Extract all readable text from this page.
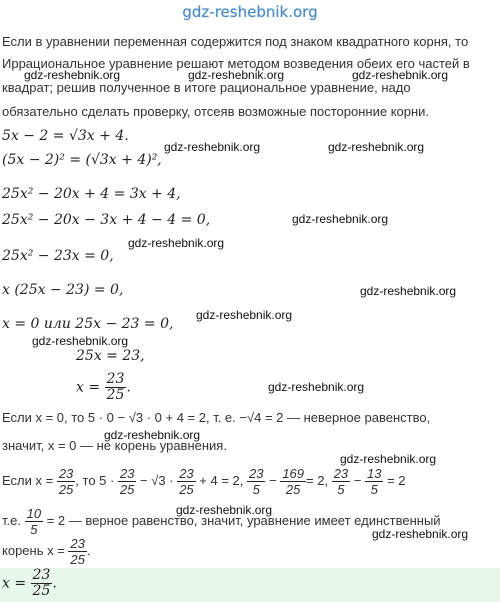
gdz-reshebnik.org
Если в уравнении переменная содержится под знаком квадратного корня, то
Иррациональное уравнение решают методом возведения обеих его частей в
квадрат; решив полученное в итоге рациональное уравнение, надо
обязательно сделать проверку, отсеяв возможные посторонние корни.
5x − 2 = √3x + 4.
(5x − 2)² = (√3x + 4)²,
25x² − 20x + 4 = 3x + 4,
25x² − 20x − 3x + 4 − 4 = 0,
25x² − 23x = 0,
x (25x − 23) = 0,
x = 0 или 25x − 23 = 0,
25x = 23,
$x = \frac{23}{25}$ .
Если x = 0, то 5 · 0 − √3 · 0 + 4 = 2, т. е. −√4 = 2 — неверное равенство,
значит, x = 0 — не корень уравнения.
Если $x = \frac{23}{25}$ , то $5 \cdot \frac{23}{25} - √3 \cdot \frac{23}{25} + 4 = 2$, $\frac{23}{5} - \frac{169}{25} = 2$, $\frac{23}{5} - \frac{13}{5} = 2$
т.е. $\frac{10}{5} = 2$ — верное равенство, значит, уравнение имеет единственный
корень $x = \frac{23}{25}$ .
$x = \frac{23}{25}$ .
gdz-reshebnik.org	gdz-reshebnik.org	gdz-reshebnik.org
gdz-reshebnik.org	gdz-reshebnik.org
gdz-reshebnik.org
gdz-reshebnik.org
gdz-reshebnik.org
gdz-reshebnik.org
gdz-reshebnik.org
gdz-reshebnik.org
gdz-reshebnik.org
gdz-reshebnik.org
gdz-reshebnik.org
gdz-reshebnik.org
